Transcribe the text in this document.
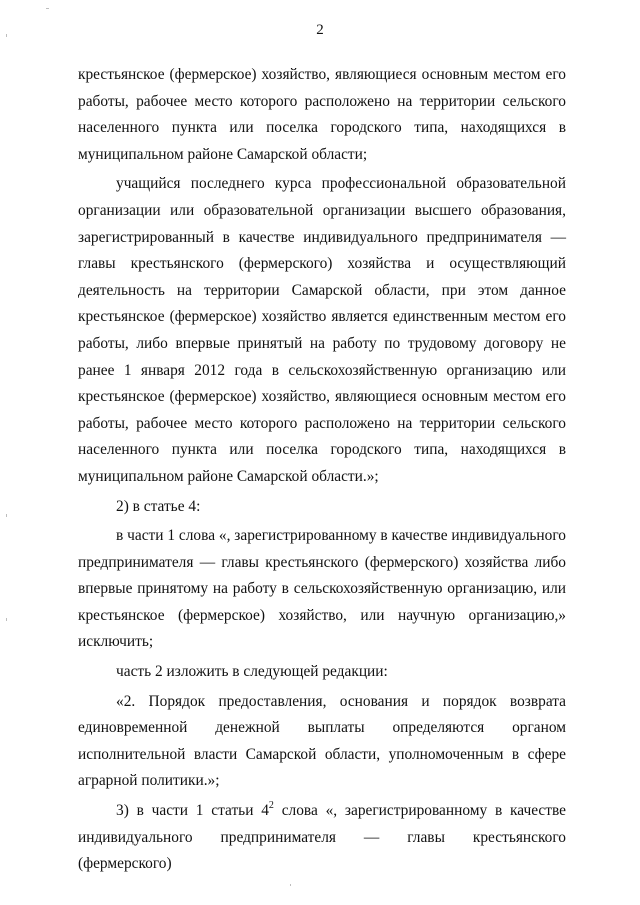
2

крестьянское (фермерское) хозяйство, являющиеся основным местом его работы, рабочее место которого расположено на территории сельского населенного пункта или поселка городского типа, находящихся в муниципальном районе Самарской области;

учащийся последнего курса профессиональной образовательной организации или образовательной организации высшего образования, зарегистрированный в качестве индивидуального предпринимателя — главы крестьянского (фермерского) хозяйства и осуществляющий деятельность на территории Самарской области, при этом данное крестьянское (фермерское) хозяйство является единственным местом его работы, либо впервые принятый на работу по трудовому договору не ранее 1 января 2012 года в сельскохозяйственную организацию или крестьянское (фермерское) хозяйство, являющиеся основным местом его работы, рабочее место которого расположено на территории сельского населенного пункта или поселка городского типа, находящихся в муниципальном районе Самарской области.»;

2) в статье 4:

в части 1 слова «, зарегистрированному в качестве индивидуального предпринимателя — главы крестьянского (фермерского) хозяйства либо впервые принятому на работу в сельскохозяйственную организацию, или крестьянское (фермерское) хозяйство, или научную организацию,» исключить;

часть 2 изложить в следующей редакции:

«2. Порядок предоставления, основания и порядок возврата единовременной денежной выплаты определяются органом исполнительной власти Самарской области, уполномоченным в сфере аграрной политики.»;

3) в части 1 статьи $4^2$ слова «, зарегистрированному в качестве индивидуального предпринимателя — главы крестьянского (фермерского)
